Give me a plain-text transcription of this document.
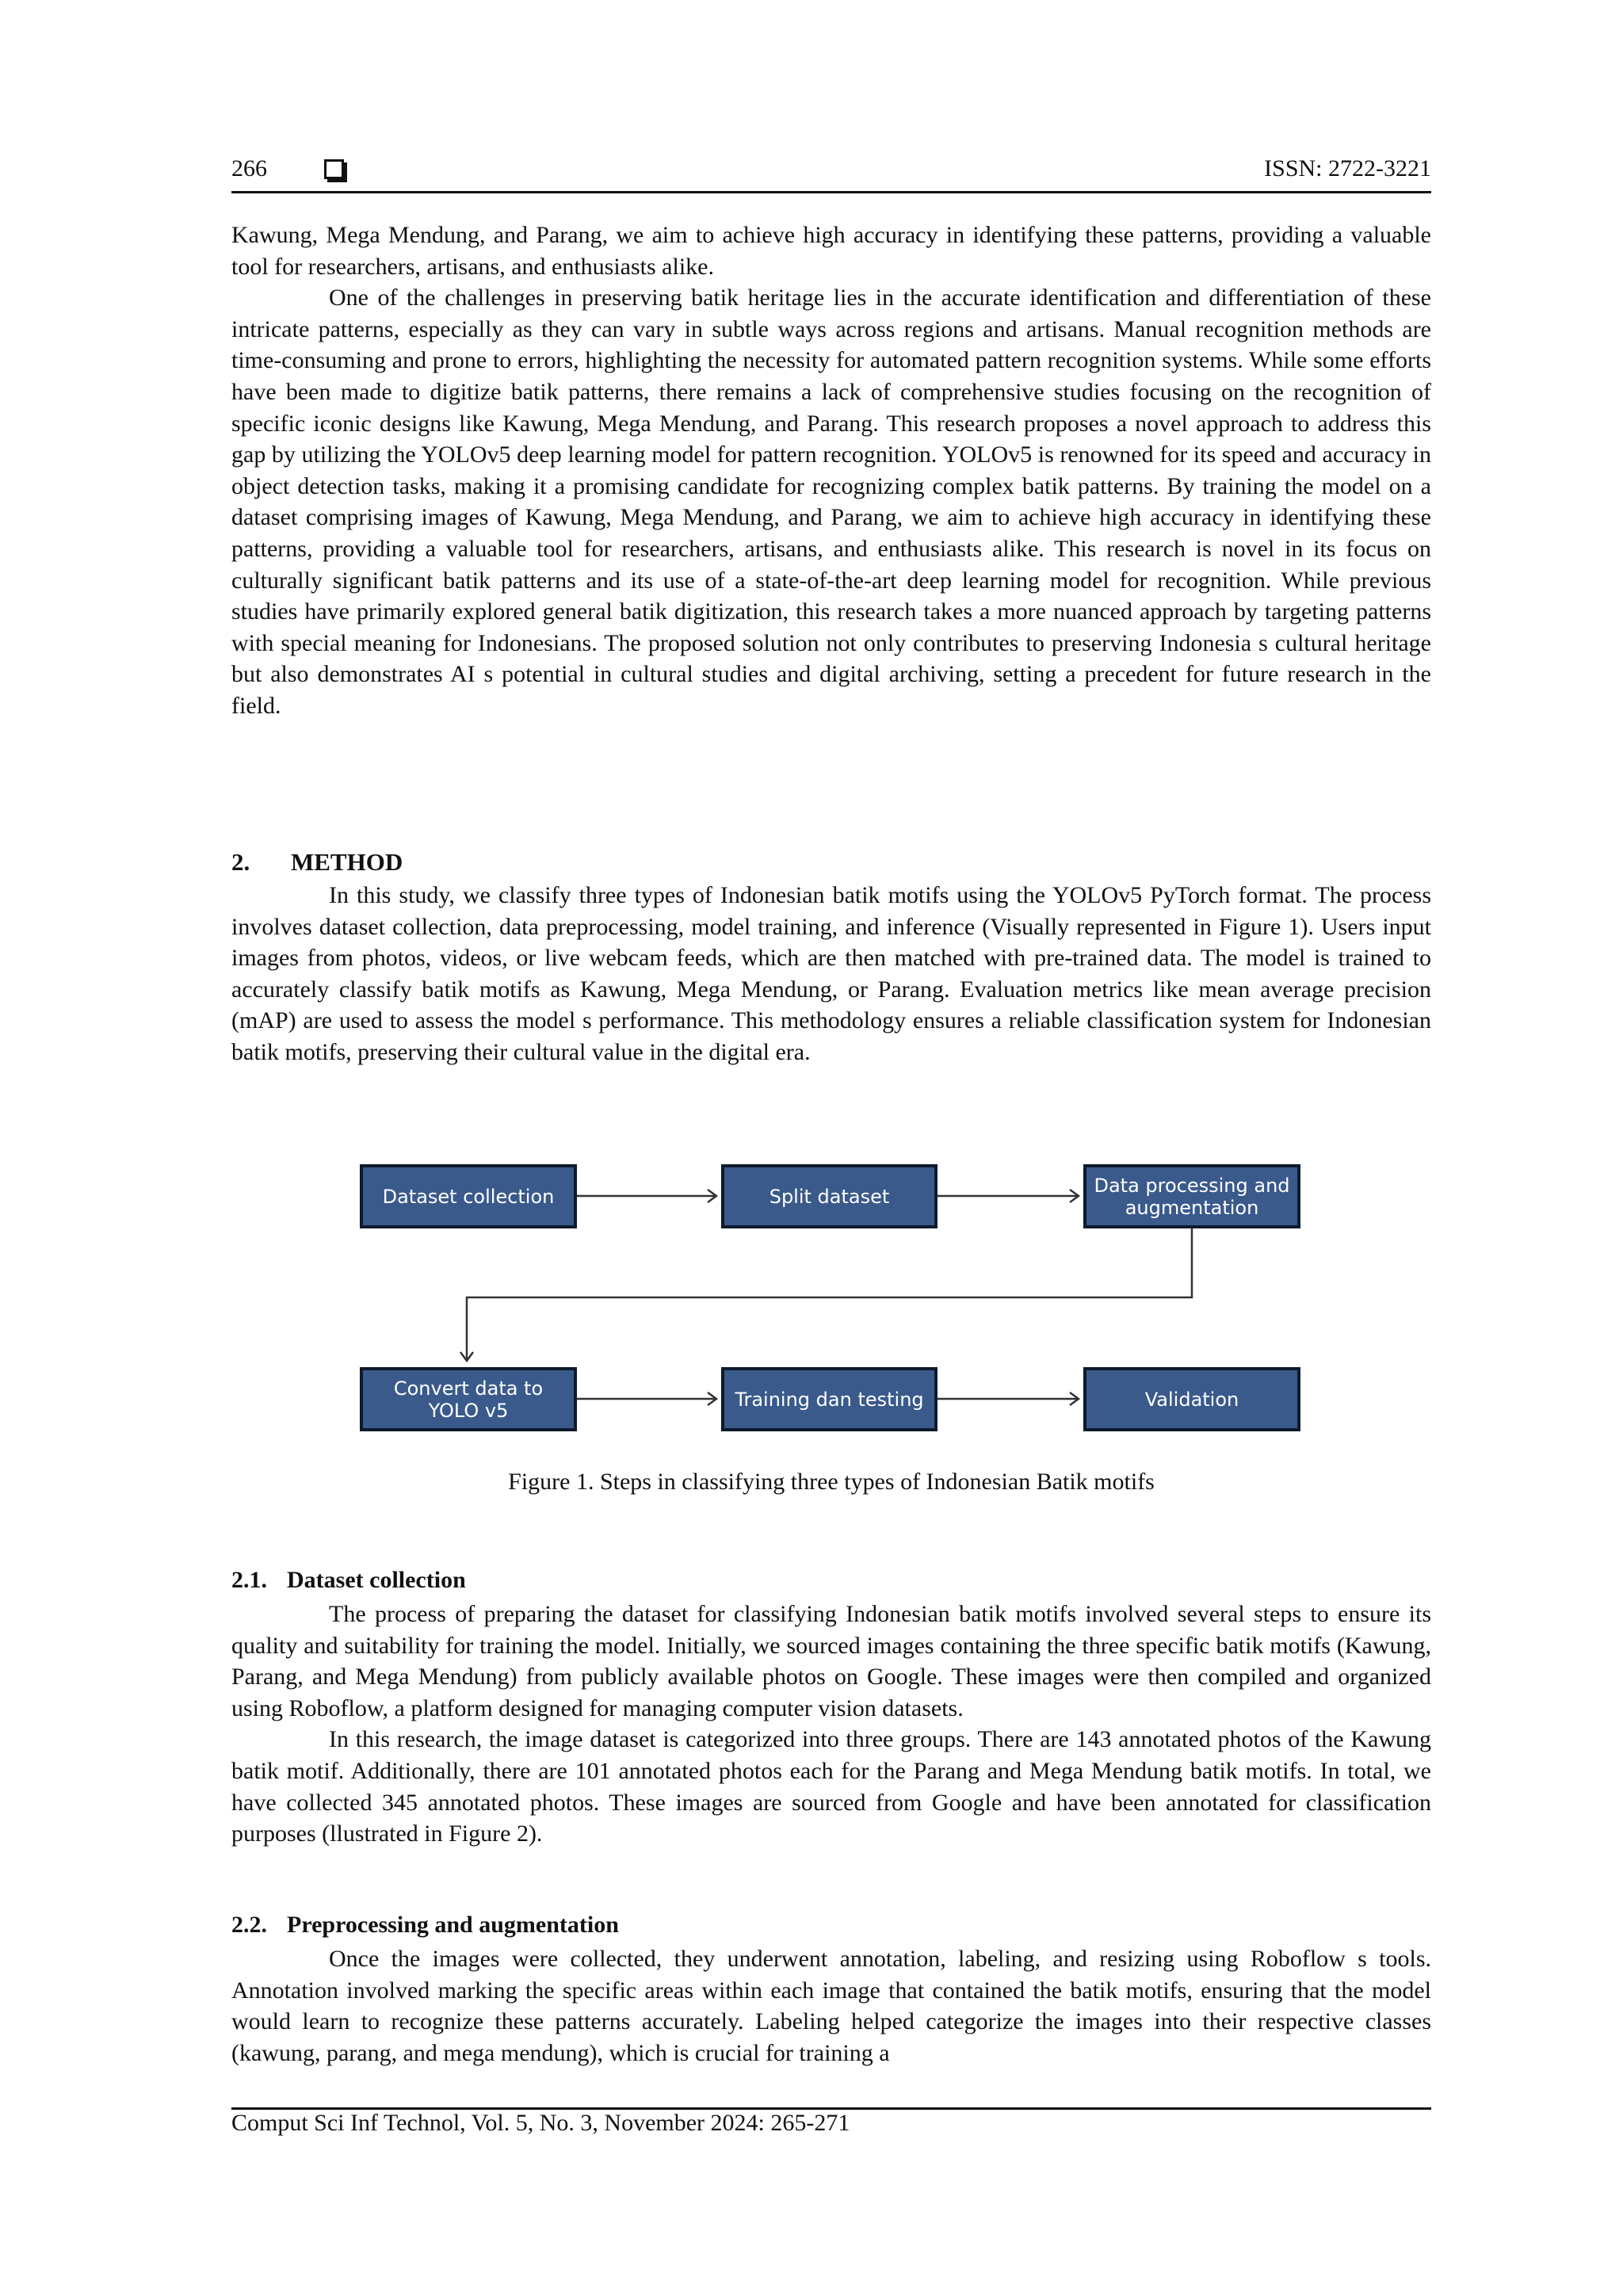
266	ISSN: 2722-3221

Kawung, Mega Mendung, and Parang, we aim to achieve high accuracy in identifying these patterns, providing a valuable tool for researchers, artisans, and enthusiasts alike.

One of the challenges in preserving batik heritage lies in the accurate identification and differentiation of these intricate patterns, especially as they can vary in subtle ways across regions and artisans. Manual recognition methods are time-consuming and prone to errors, highlighting the necessity for automated pattern recognition systems. While some efforts have been made to digitize batik patterns, there remains a lack of comprehensive studies focusing on the recognition of specific iconic designs like Kawung, Mega Mendung, and Parang. This research proposes a novel approach to address this gap by utilizing the YOLOv5 deep learning model for pattern recognition. YOLOv5 is renowned for its speed and accuracy in object detection tasks, making it a promising candidate for recognizing complex batik patterns. By training the model on a dataset comprising images of Kawung, Mega Mendung, and Parang, we aim to achieve high accuracy in identifying these patterns, providing a valuable tool for researchers, artisans, and enthusiasts alike. This research is novel in its focus on culturally significant batik patterns and its use of a state-of-the-art deep learning model for recognition. While previous studies have primarily explored general batik digitization, this research takes a more nuanced approach by targeting patterns with special meaning for Indonesians. The proposed solution not only contributes to preserving Indonesia s cultural heritage but also demonstrates AI s potential in cultural studies and digital archiving, setting a precedent for future research in the field.

2. METHOD

In this study, we classify three types of Indonesian batik motifs using the YOLOv5 PyTorch format. The process involves dataset collection, data preprocessing, model training, and inference (Visually represented in Figure 1). Users input images from photos, videos, or live webcam feeds, which are then matched with pre-trained data. The model is trained to accurately classify batik motifs as Kawung, Mega Mendung, or Parang. Evaluation metrics like mean average precision (mAP) are used to assess the model s performance. This methodology ensures a reliable classification system for Indonesian batik motifs, preserving their cultural value in the digital era.

Dataset collection	Split dataset	Data processing and augmentation
Convert data to YOLO v5	Training dan testing	Validation
Figure 1. Steps in classifying three types of Indonesian Batik motifs
2.1. Dataset collection

The process of preparing the dataset for classifying Indonesian batik motifs involved several steps to ensure its quality and suitability for training the model. Initially, we sourced images containing the three specific batik motifs (Kawung, Parang, and Mega Mendung) from publicly available photos on Google. These images were then compiled and organized using Roboflow, a platform designed for managing computer vision datasets.

In this research, the image dataset is categorized into three groups. There are 143 annotated photos of the Kawung batik motif. Additionally, there are 101 annotated photos each for the Parang and Mega Mendung batik motifs. In total, we have collected 345 annotated photos. These images are sourced from Google and have been annotated for classification purposes (llustrated in Figure 2).

2.2. Preprocessing and augmentation

Once the images were collected, they underwent annotation, labeling, and resizing using Roboflow s tools. Annotation involved marking the specific areas within each image that contained the batik motifs, ensuring that the model would learn to recognize these patterns accurately. Labeling helped categorize the images into their respective classes (kawung, parang, and mega mendung), which is crucial for training a

Comput Sci Inf Technol, Vol. 5, No. 3, November 2024: 265-271
